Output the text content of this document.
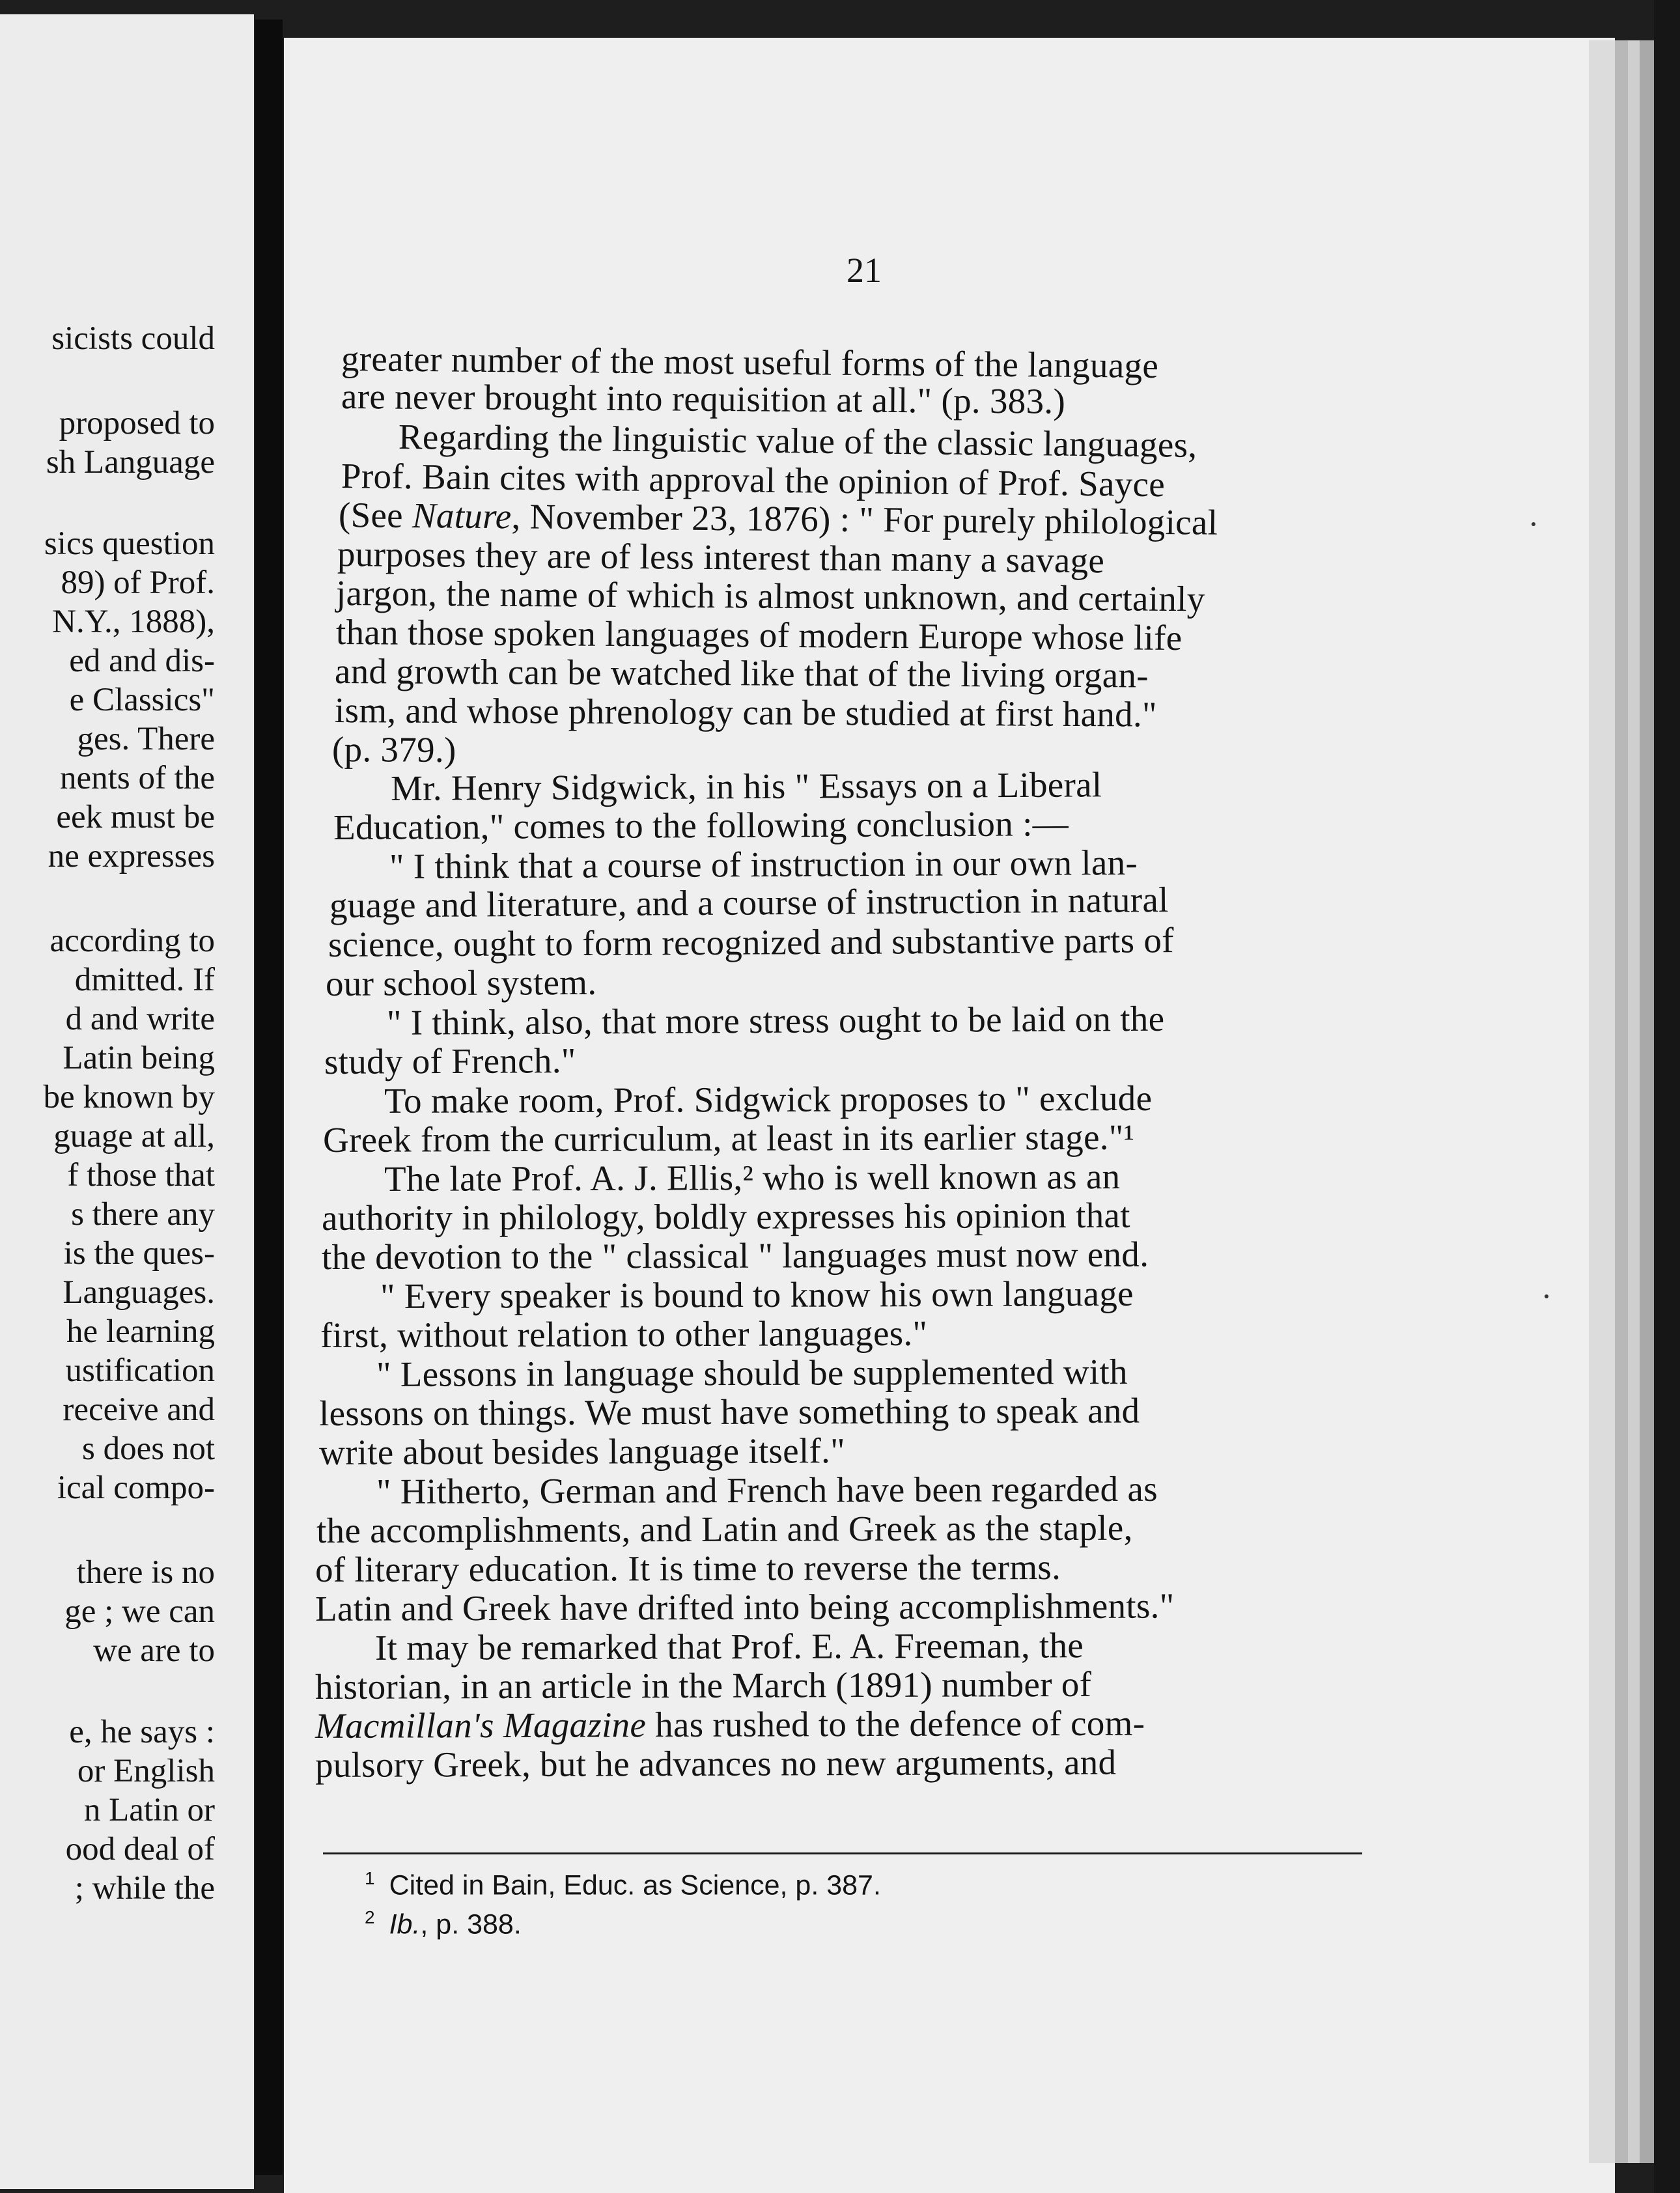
sicists could
proposed to
sh Language
sics question
89) of Prof.
N.Y., 1888),
ed and dis-
e Classics"
ges. There
nents of the
eek must be
ne expresses
according to
dmitted. If
d and write
Latin being
be known by
guage at all,
f those that
s there any
is the ques-
Languages.
he learning
ustification
receive and
s does not
ical compo-
there is no
ge ; we can
we are to
e, he says :
or English
n Latin or
ood deal of
; while the
21
greater number of the most useful forms of the language
are never brought into requisition at all." (p. 383.)
Regarding the linguistic value of the classic languages,
Prof. Bain cites with approval the opinion of Prof. Sayce
(See Nature, November 23, 1876) : " For purely philological
purposes they are of less interest than many a savage
jargon, the name of which is almost unknown, and certainly
than those spoken languages of modern Europe whose life
and growth can be watched like that of the living organ-
ism, and whose phrenology can be studied at first hand."
(p. 379.)
Mr. Henry Sidgwick, in his " Essays on a Liberal
Education," comes to the following conclusion :—
" I think that a course of instruction in our own lan-
guage and literature, and a course of instruction in natural
science, ought to form recognized and substantive parts of
our school system.
" I think, also, that more stress ought to be laid on the
study of French."
To make room, Prof. Sidgwick proposes to " exclude
Greek from the curriculum, at least in its earlier stage."¹
The late Prof. A. J. Ellis,² who is well known as an
authority in philology, boldly expresses his opinion that
the devotion to the " classical " languages must now end.
" Every speaker is bound to know his own language
first, without relation to other languages."
" Lessons in language should be supplemented with
lessons on things. We must have something to speak and
write about besides language itself."
" Hitherto, German and French have been regarded as
the accomplishments, and Latin and Greek as the staple,
of literary education. It is time to reverse the terms.
Latin and Greek have drifted into being accomplishments."
It may be remarked that Prof. E. A. Freeman, the
historian, in an article in the March (1891) number of
Macmillan's Magazine has rushed to the defence of com-
pulsory Greek, but he advances no new arguments, and
$^1$ Cited in Bain, Educ. as Science, p. 387.
$^2$ Ib., p. 388.
